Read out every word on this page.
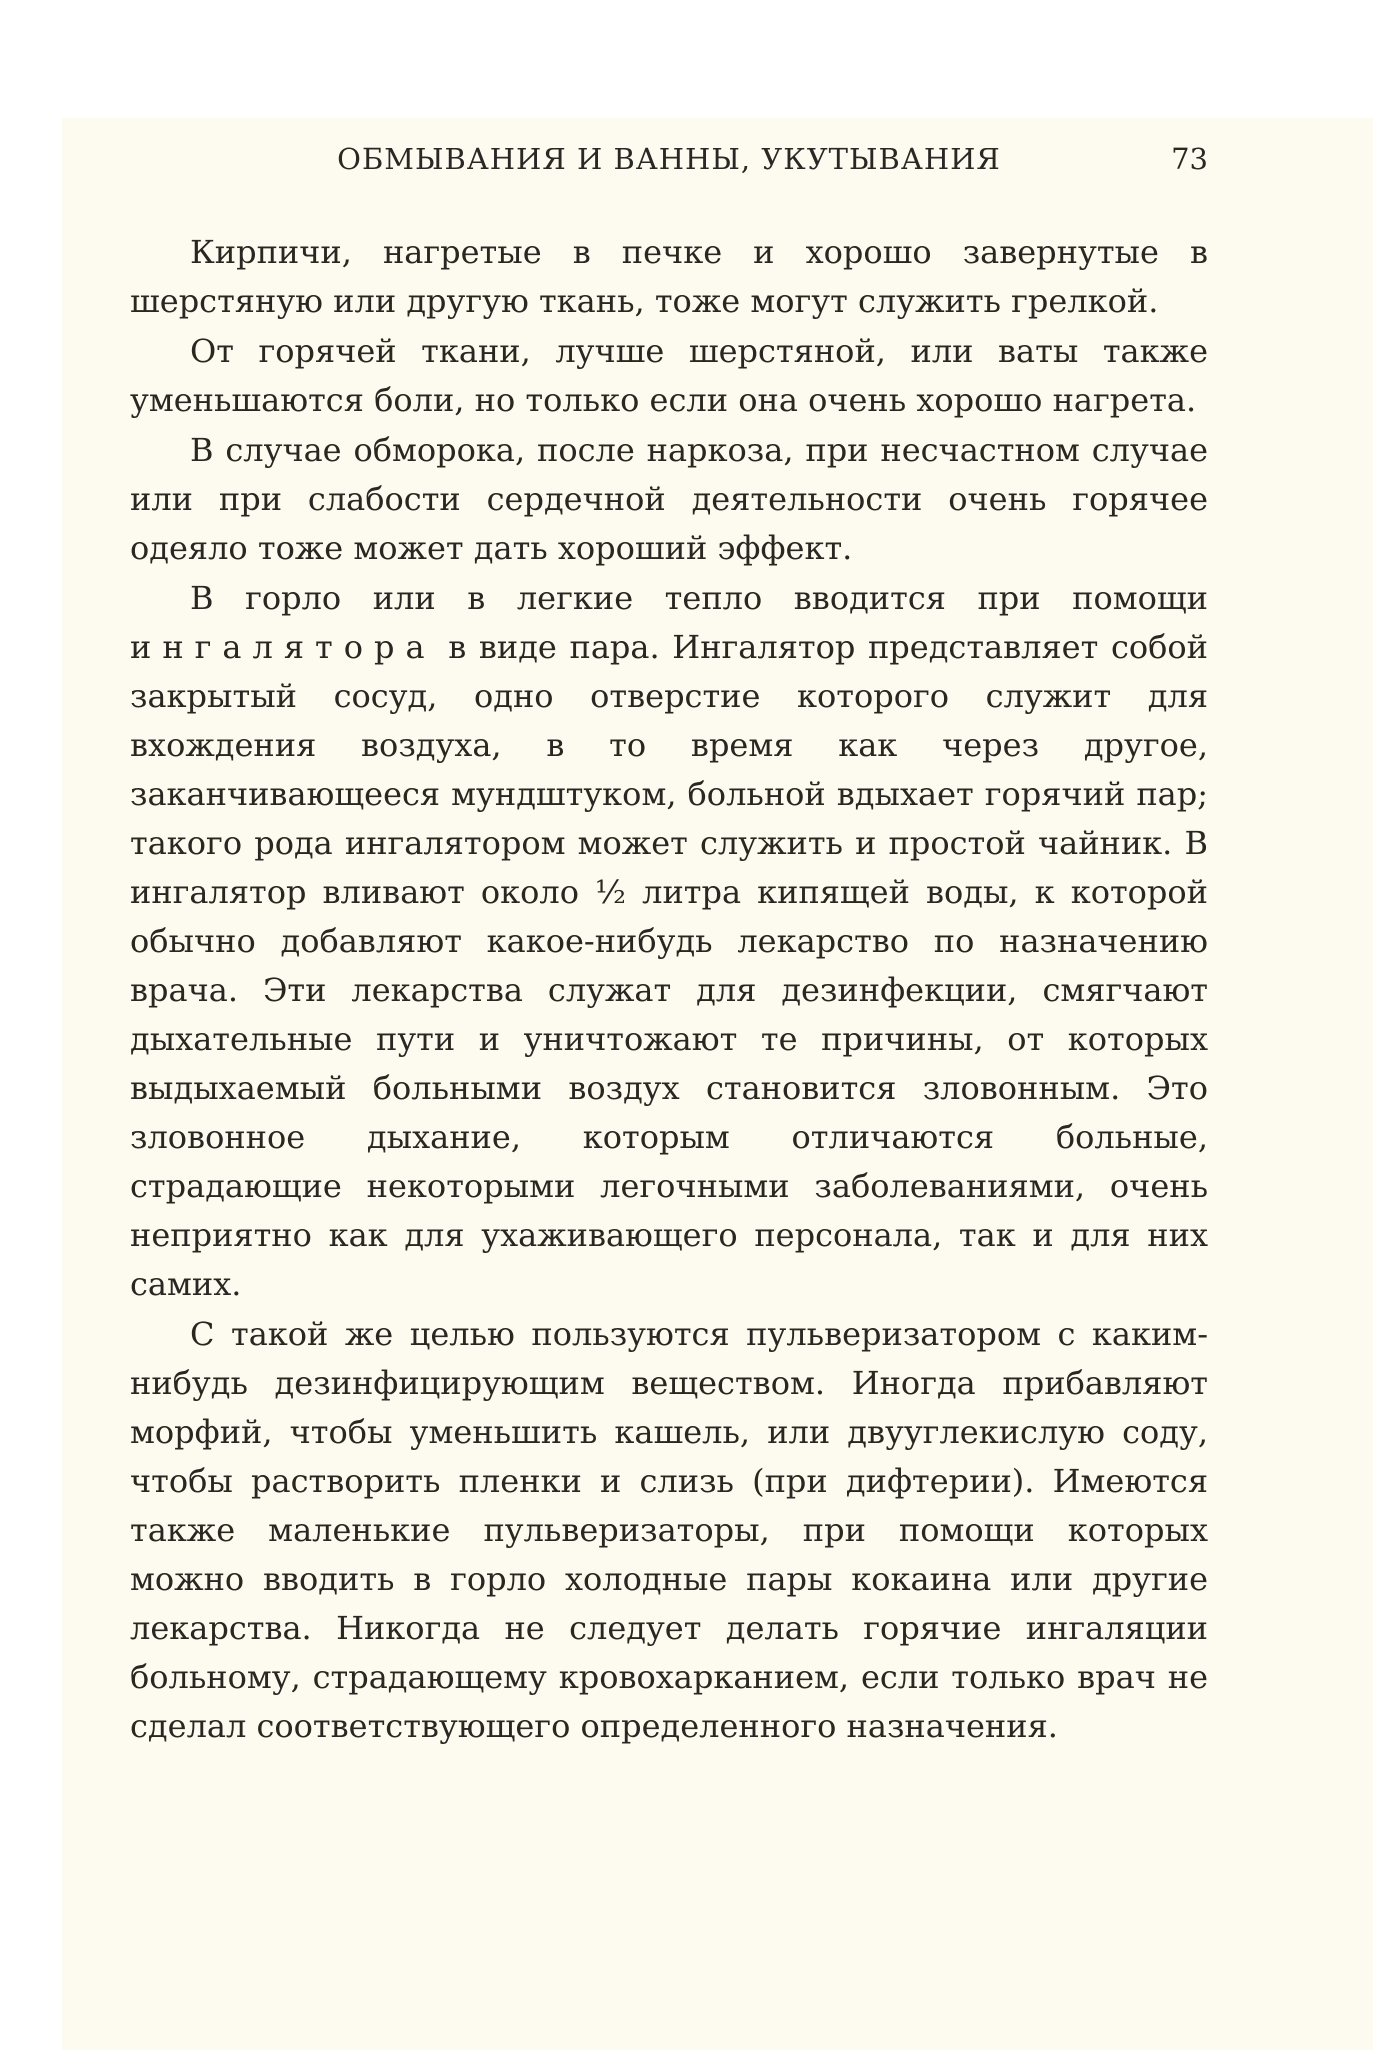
ОБМЫВАНИЯ И ВАННЫ, УКУТЫВАНИЯ	73

Кирпичи, нагретые в печке и хорошо завернутые в шерстяную или другую ткань, тоже могут служить грелкой.

От горячей ткани, лучше шерстяной, или ваты также уменьшаются боли, но только если она очень хорошо нагрета.

В случае обморока, после наркоза, при несчастном случае или при слабости сердечной деятельности очень горячее одеяло тоже может дать хороший эффект.

В горло или в легкие тепло вводится при помощи ингалятора в виде пара. Ингалятор представляет собой закрытый сосуд, одно отверстие которого служит для вхождения воздуха, в то время как через другое, заканчивающееся мундштуком, больной вдыхает горячий пар; такого рода ингалятором может служить и простой чайник. В ингалятор вливают около ½ литра кипящей воды, к которой обычно добавляют какое-нибудь лекарство по назначению врача. Эти лекарства служат для дезинфекции, смягчают дыхательные пути и уничтожают те причины, от которых выдыхаемый больными воздух становится зловонным. Это зловонное дыхание, которым отличаются больные, страдающие некоторыми легочными заболеваниями, очень неприятно как для ухаживающего персонала, так и для них самих.

С такой же целью пользуются пульверизатором с каким-нибудь дезинфицирующим веществом. Иногда прибавляют морфий, чтобы уменьшить кашель, или двууглекислую соду, чтобы растворить пленки и слизь (при дифтерии). Имеются также маленькие пульверизаторы, при помощи которых можно вводить в горло холодные пары кокаина или другие лекарства. Никогда не следует делать горячие ингаляции больному, страдающему кровохарканием, если только врач не сделал соответствующего определенного назначения.
